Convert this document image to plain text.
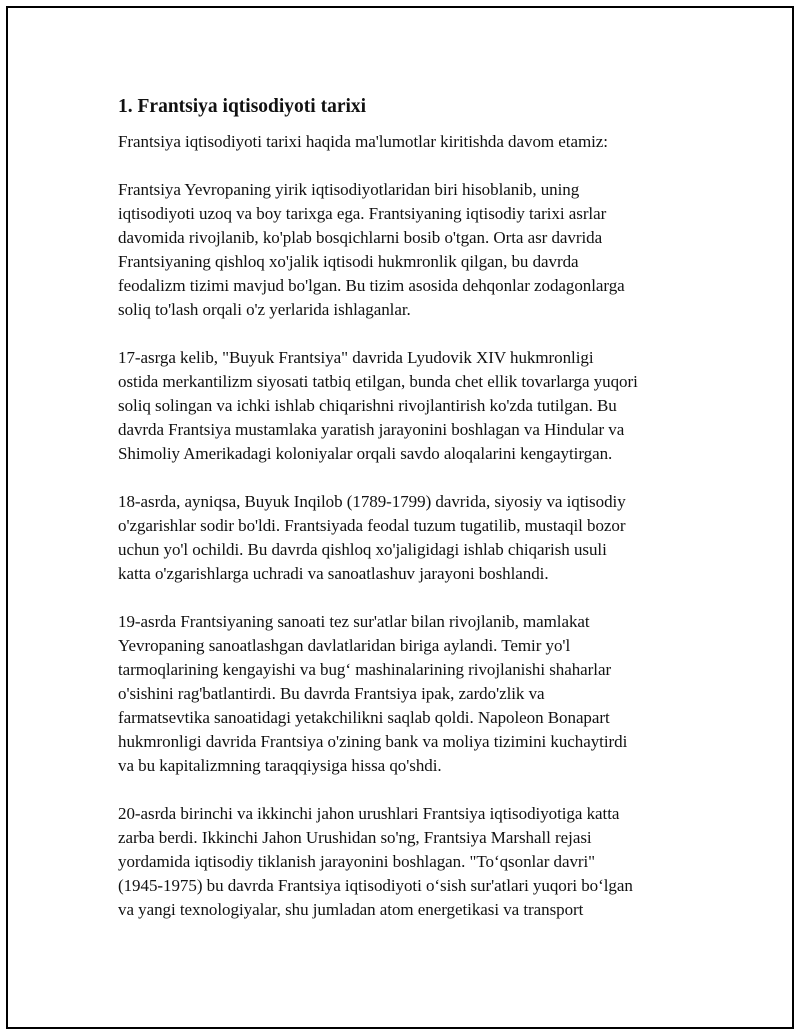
1. Frantsiya iqtisodiyoti tarixi

Frantsiya iqtisodiyoti tarixi haqida ma'lumotlar kiritishda davom etamiz:

Frantsiya Yevropaning yirik iqtisodiyotlaridan biri hisoblanib, uning
iqtisodiyoti uzoq va boy tarixga ega. Frantsiyaning iqtisodiy tarixi asrlar
davomida rivojlanib, ko'plab bosqichlarni bosib o'tgan. Orta asr davrida
Frantsiyaning qishloq xo'jalik iqtisodi hukmronlik qilgan, bu davrda
feodalizm tizimi mavjud bo'lgan. Bu tizim asosida dehqonlar zodagonlarga
soliq to'lash orqali o'z yerlarida ishlaganlar.

17-asrga kelib, "Buyuk Frantsiya" davrida Lyudovik XIV hukmronligi
ostida merkantilizm siyosati tatbiq etilgan, bunda chet ellik tovarlarga yuqori
soliq solingan va ichki ishlab chiqarishni rivojlantirish ko'zda tutilgan. Bu
davrda Frantsiya mustamlaka yaratish jarayonini boshlagan va Hindular va
Shimoliy Amerikadagi koloniyalar orqali savdo aloqalarini kengaytirgan.

18-asrda, ayniqsa, Buyuk Inqilob (1789-1799) davrida, siyosiy va iqtisodiy
o'zgarishlar sodir bo'ldi. Frantsiyada feodal tuzum tugatilib, mustaqil bozor
uchun yo'l ochildi. Bu davrda qishloq xo'jaligidagi ishlab chiqarish usuli
katta o'zgarishlarga uchradi va sanoatlashuv jarayoni boshlandi.

19-asrda Frantsiyaning sanoati tez sur'atlar bilan rivojlanib, mamlakat
Yevropaning sanoatlashgan davlatlaridan biriga aylandi. Temir yo'l
tarmoqlarining kengayishi va bug‘ mashinalarining rivojlanishi shaharlar
o'sishini rag'batlantirdi. Bu davrda Frantsiya ipak, zardo'zlik va
farmatsevtika sanoatidagi yetakchilikni saqlab qoldi. Napoleon Bonapart
hukmronligi davrida Frantsiya o'zining bank va moliya tizimini kuchaytirdi
va bu kapitalizmning taraqqiysiga hissa qo'shdi.

20-asrda birinchi va ikkinchi jahon urushlari Frantsiya iqtisodiyotiga katta
zarba berdi. Ikkinchi Jahon Urushidan so'ng, Frantsiya Marshall rejasi
yordamida iqtisodiy tiklanish jarayonini boshlagan. "To‘qsonlar davri"
(1945-1975) bu davrda Frantsiya iqtisodiyoti o‘sish sur'atlari yuqori bo‘lgan
va yangi texnologiyalar, shu jumladan atom energetikasi va transport
